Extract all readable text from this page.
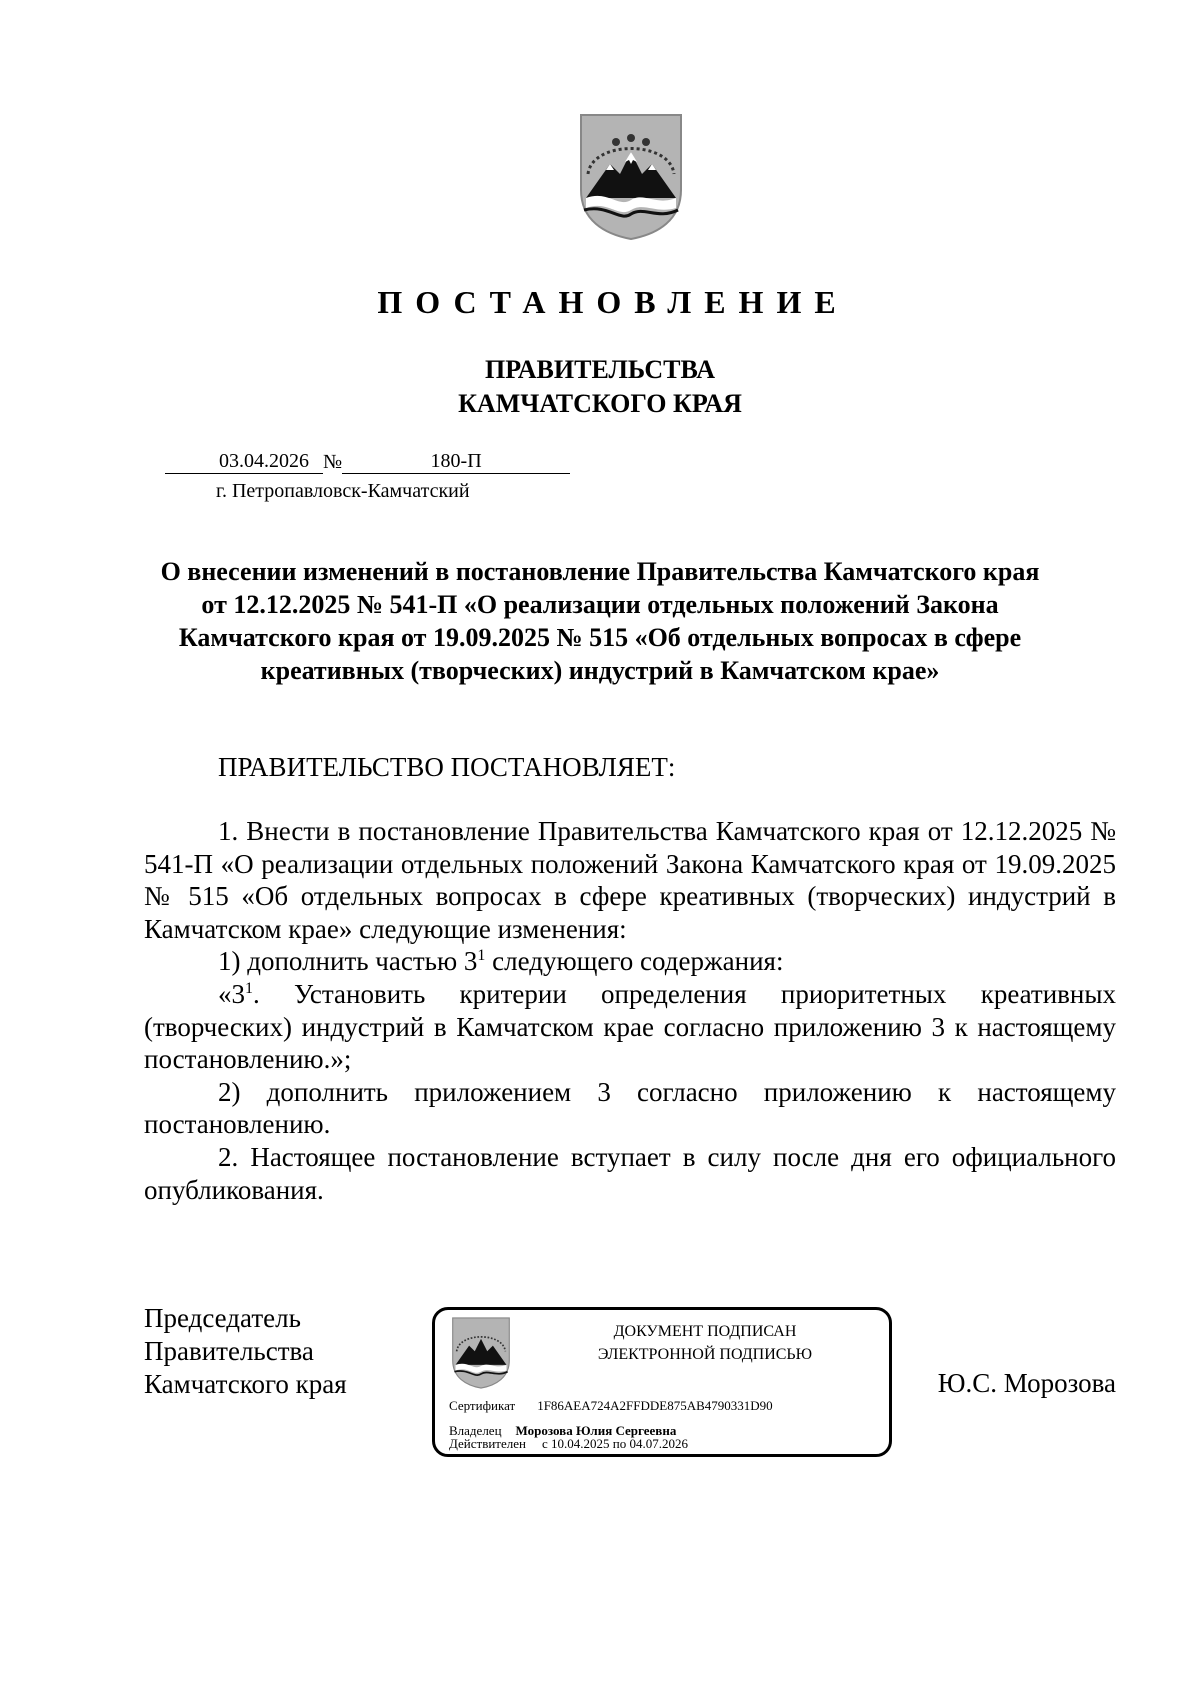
ПОСТАНОВЛЕНИЕ
ПРАВИТЕЛЬСТВА
КАМЧАТСКОГО КРАЯ
03.04.2026 №	180-П
г. Петропавловск-Камчатский
О внесении изменений в постановление Правительства Камчатского края
от 12.12.2025 № 541-П «О реализации отдельных положений Закона
Камчатского края от 19.09.2025 № 515 «Об отдельных вопросах в сфере
креативных (творческих) индустрий в Камчатском крае»
ПРАВИТЕЛЬСТВО ПОСТАНОВЛЯЕТ:

1. Внести в постановление Правительства Камчатского края от 12.12.2025 № 541-П «О реализации отдельных положений Закона Камчатского края от 19.09.2025 № 515 «Об отдельных вопросах в сфере креативных (творческих) индустрий в Камчатском крае» следующие изменения:

1) дополнить частью $3^1$ следующего содержания:

«$3^1$. Установить критерии определения приоритетных креативных (творческих) индустрий в Камчатском крае согласно приложению 3 к настоящему постановлению.»;

2) дополнить приложением 3 согласно приложению к настоящему постановлению.

2. Настоящее постановление вступает в силу после дня его официального опубликования.

Председатель
Правительства
Камчатского края
ДОКУМЕНТ ПОДПИСАН
ЭЛЕКТРОННОЙ ПОДПИСЬЮ
Сертификат 1F86AEA724A2FFDDE875AB4790331D90
Владелец Морозова Юлия Сергеевна
Действителен с 10.04.2025 по 04.07.2026
Ю.С. Морозова
